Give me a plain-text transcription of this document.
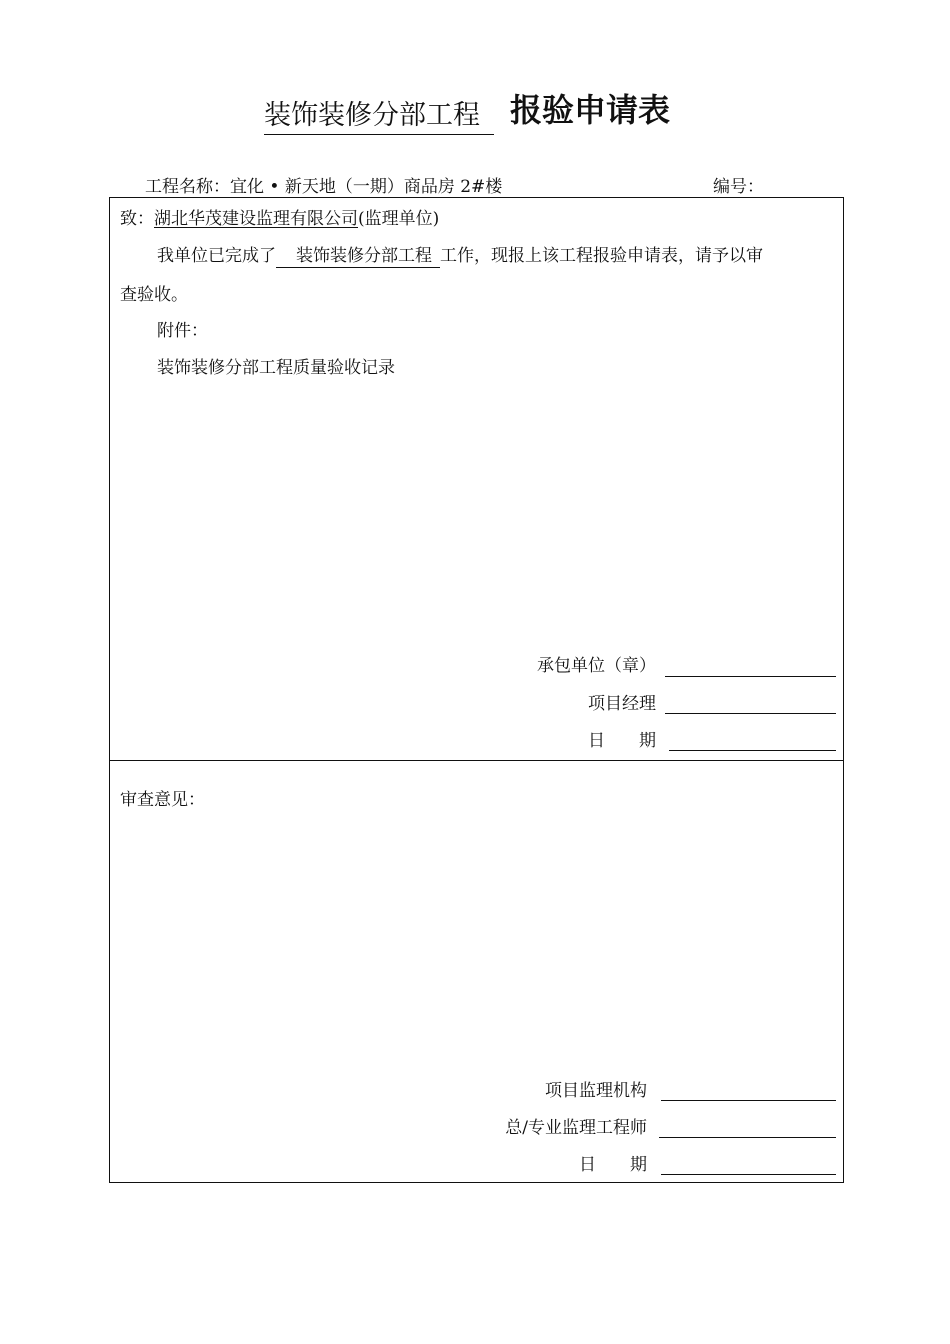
装饰装修分部工程 报验申请表
工程名称：宜化 • 新天地（一期）商品房 2#楼	编号：
致：湖北华茂建设监理有限公司(监理单位)
我单位已完成了 装饰装修分部工程 工作，现报上该工程报验申请表，请予以审
查验收。
附件：
装饰装修分部工程质量验收记录
承包单位（章）
项目经理
日　　期
审查意见：
项目监理机构
总/专业监理工程师
日　　期
